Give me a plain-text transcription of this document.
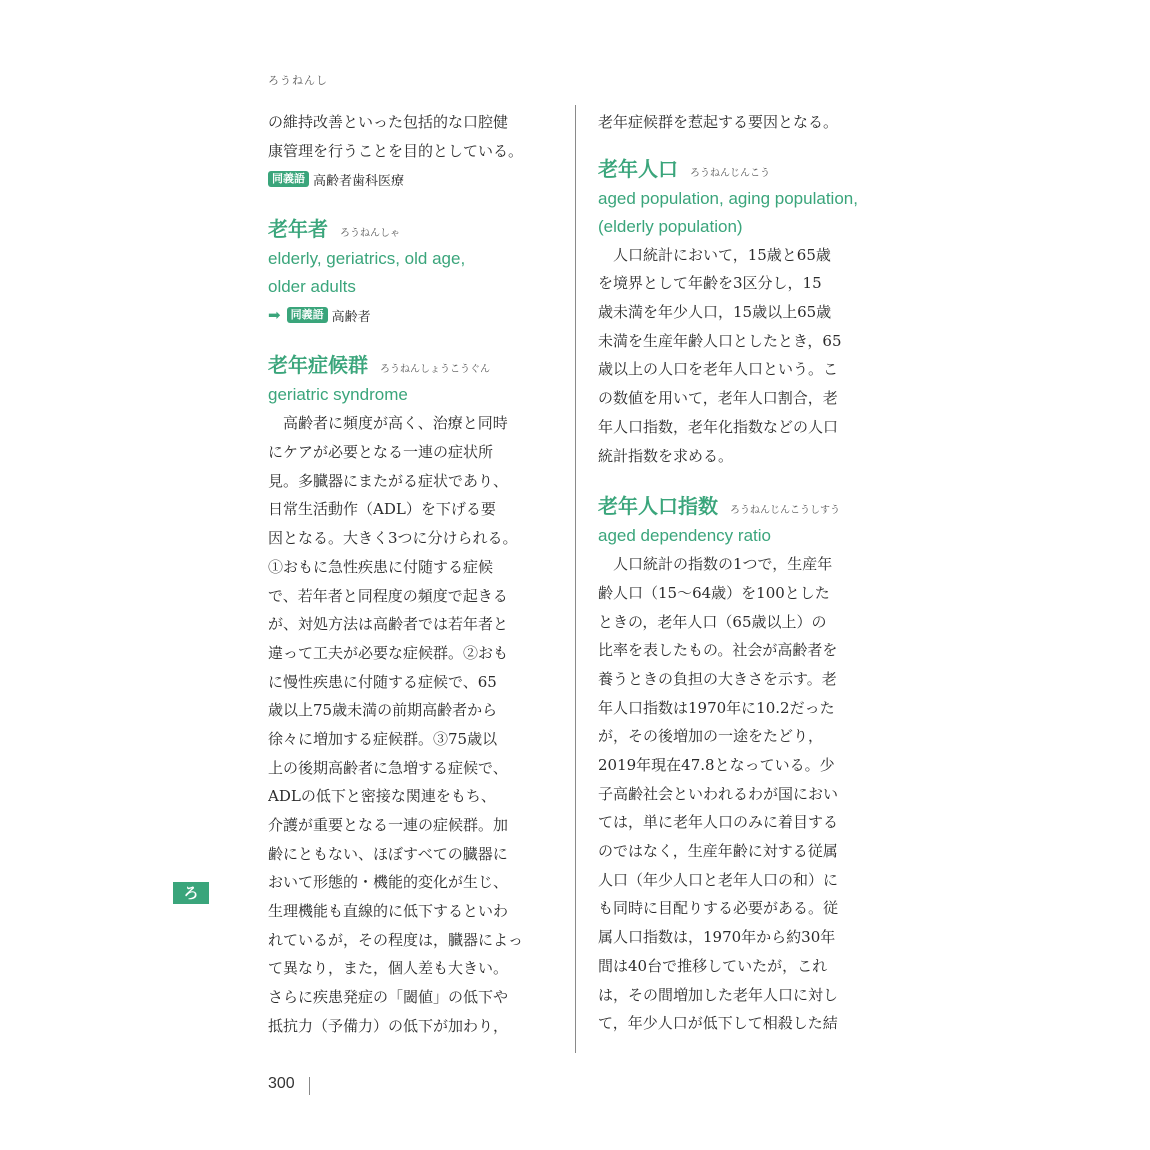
ろうねんし
の維持改善といった包括的な口腔健
康管理を行うことを目的としている。
同義語 高齢者歯科医療
老年者 ろうねんしゃ
elderly, geriatrics, old age,
older adults
➡ 同義語 高齢者
老年症候群 ろうねんしょうこうぐん
geriatric syndrome
　高齢者に頻度が高く、治療と同時
にケアが必要となる一連の症状所
見。多臓器にまたがる症状であり、
日常生活動作（ADL）を下げる要
因となる。大きく3つに分けられる。
①おもに急性疾患に付随する症候
で、若年者と同程度の頻度で起きる
が、対処方法は高齢者では若年者と
違って工夫が必要な症候群。②おも
に慢性疾患に付随する症候で、65
歳以上75歳未満の前期高齢者から
徐々に増加する症候群。③75歳以
上の後期高齢者に急増する症候で、
ADLの低下と密接な関連をもち、
介護が重要となる一連の症候群。加
齢にともない、ほぼすべての臓器に
おいて形態的・機能的変化が生じ、
生理機能も直線的に低下するといわ
れているが，その程度は，臓器によっ
て異なり，また，個人差も大きい。
さらに疾患発症の「閾値」の低下や
抵抗力（予備力）の低下が加わり，
老年症候群を惹起する要因となる。
老年人口 ろうねんじんこう
aged population, aging population,
(elderly population)
　人口統計において，15歳と65歳
を境界として年齢を3区分し，15
歳未満を年少人口，15歳以上65歳
未満を生産年齢人口としたとき，65
歳以上の人口を老年人口という。こ
の数値を用いて，老年人口割合，老
年人口指数，老年化指数などの人口
統計指数を求める。
老年人口指数 ろうねんじんこうしすう
aged dependency ratio
　人口統計の指数の1つで，生産年
齢人口（15～64歳）を100とした
ときの，老年人口（65歳以上）の
比率を表したもの。社会が高齢者を
養うときの負担の大きさを示す。老
年人口指数は1970年に10.2だった
が，その後増加の一途をたどり，
2019年現在47.8となっている。少
子高齢社会といわれるわが国におい
ては，単に老年人口のみに着目する
のではなく，生産年齢に対する従属
人口（年少人口と老年人口の和）に
も同時に目配りする必要がある。従
属人口指数は，1970年から約30年
間は40台で推移していたが，これ
は，その間増加した老年人口に対し
て，年少人口が低下して相殺した結
ろ
300
